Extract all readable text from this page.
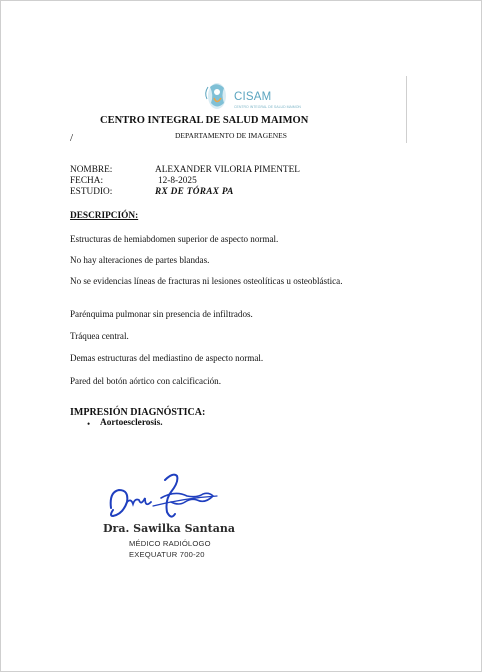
CISAM
CENTRO INTEGRAL DE SALUD MAIMON
CENTRO INTEGRAL DE SALUD MAIMON
/	DEPARTAMENTO DE IMAGENES
NOMBRE:	ALEXANDER VILORIA PIMENTEL
FECHA:	12-8-2025
ESTUDIO:	RX DE TÓRAX PA
DESCRIPCIÓN:
Estructuras de hemiabdomen superior de aspecto normal.
No hay alteraciones de partes blandas.
No se evidencias líneas de fracturas ni lesiones osteolíticas u osteoblástica.
Parénquima pulmonar sin presencia de infiltrados.
Tráquea central.
Demas estructuras del mediastino de aspecto normal.
Pared del botón aórtico con calcificación.
IMPRESIÓN DIAGNÓSTICA:
• Aortoesclerosis.
Dra. Sawilka Santana
MÉDICO RADIÓLOGO
EXEQUATUR 700-20
